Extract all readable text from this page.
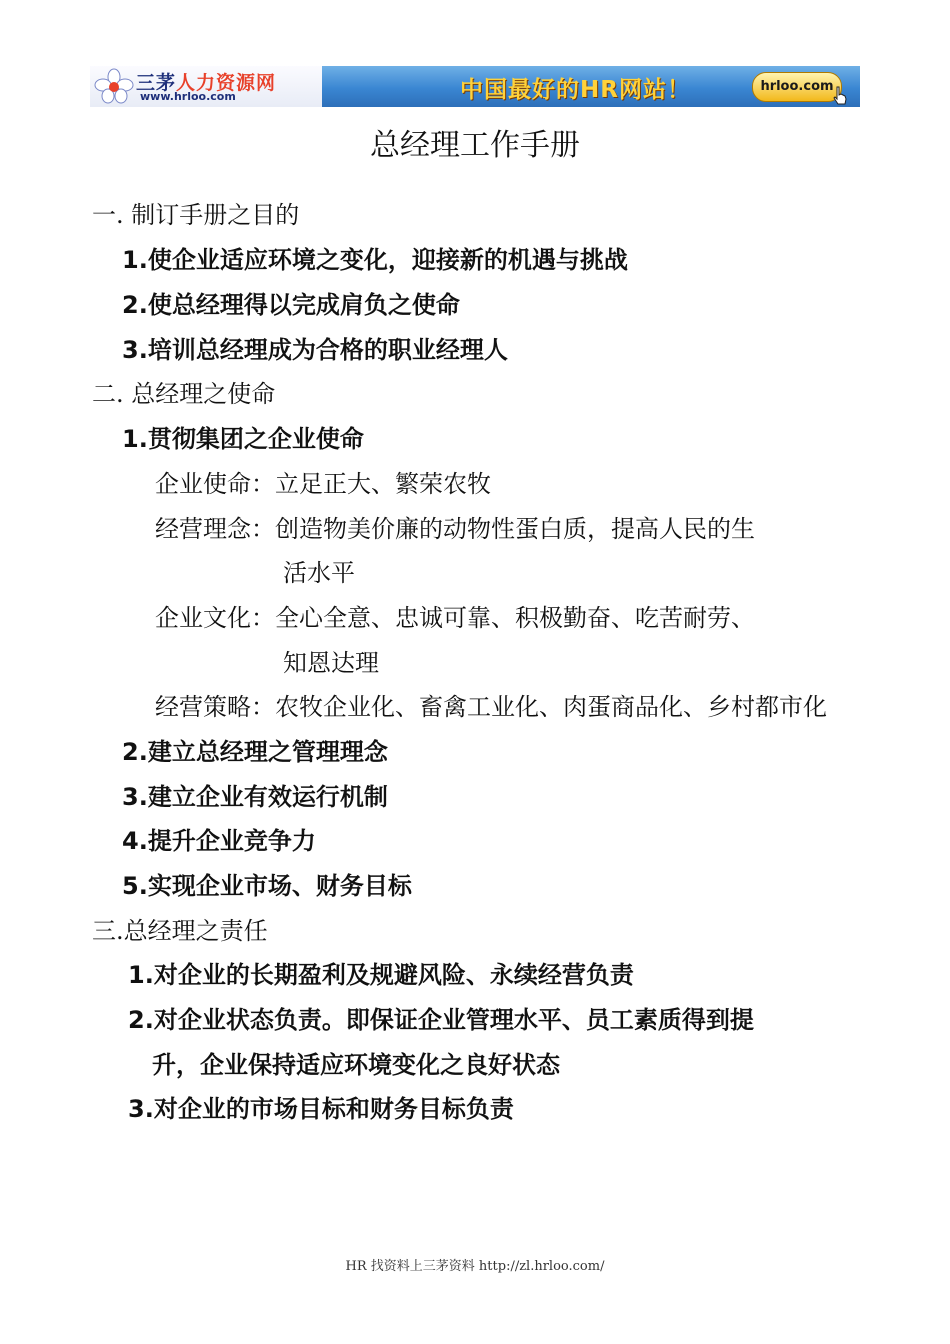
三茅人力资源网
www.hrloo.com	中国最好的HR网站！	hrloo.com
总经理工作手册
一. 制订手册之目的
1.使企业适应环境之变化，迎接新的机遇与挑战
2.使总经理得以完成肩负之使命
3.培训总经理成为合格的职业经理人
二. 总经理之使命
1.贯彻集团之企业使命
企业使命：立足正大、繁荣农牧
经营理念：创造物美价廉的动物性蛋白质，提高人民的生
活水平
企业文化：全心全意、忠诚可靠、积极勤奋、吃苦耐劳、
知恩达理
经营策略：农牧企业化、畜禽工业化、肉蛋商品化、乡村都市化
2.建立总经理之管理理念
3.建立企业有效运行机制
4.提升企业竞争力
5.实现企业市场、财务目标
三.总经理之责任
1.对企业的长期盈利及规避风险、永续经营负责
2.对企业状态负责。即保证企业管理水平、员工素质得到提
升，企业保持适应环境变化之良好状态
3.对企业的市场目标和财务目标负责
HR 找资料上三茅资料 http://zl.hrloo.com/
